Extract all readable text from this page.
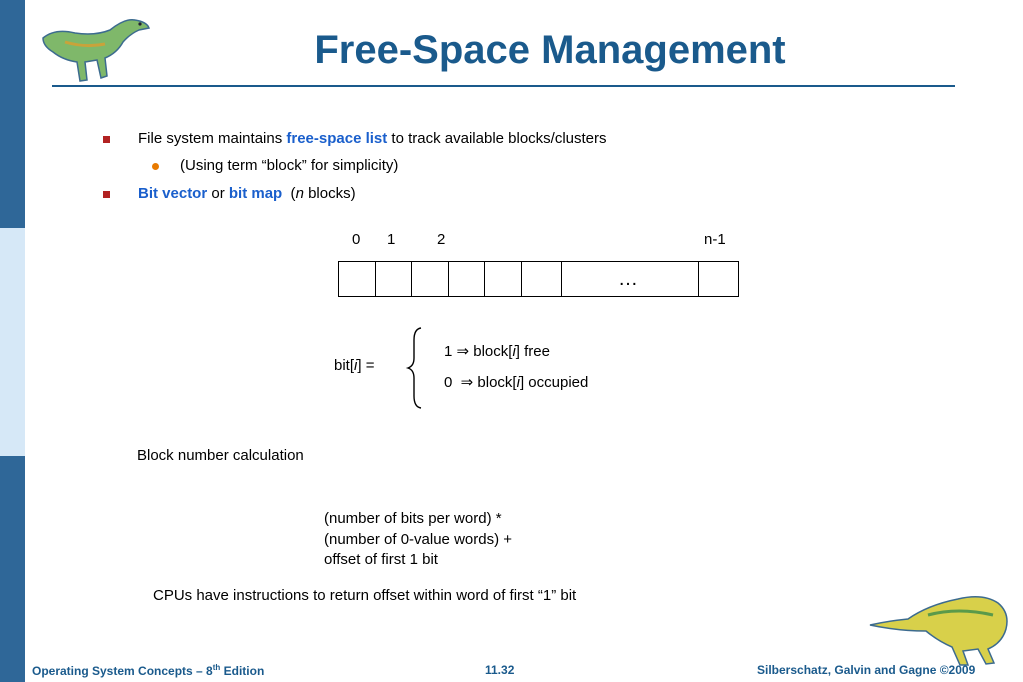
Free-Space Management
File system maintains free-space list to track available blocks/clusters
(Using term “block” for simplicity)
Bit vector or bit map  (n blocks)
0 1	2	n-1
…
bit[i] =
1 ⇒ block[i] free
0  ⇒ block[i] occupied
Block number calculation
(number of bits per word) *
(number of 0-value words) +
offset of first 1 bit
CPUs have instructions to return offset within word of first “1” bit
Operating System Concepts – 8th Edition	11.32	Silberschatz, Galvin and Gagne ©2009
